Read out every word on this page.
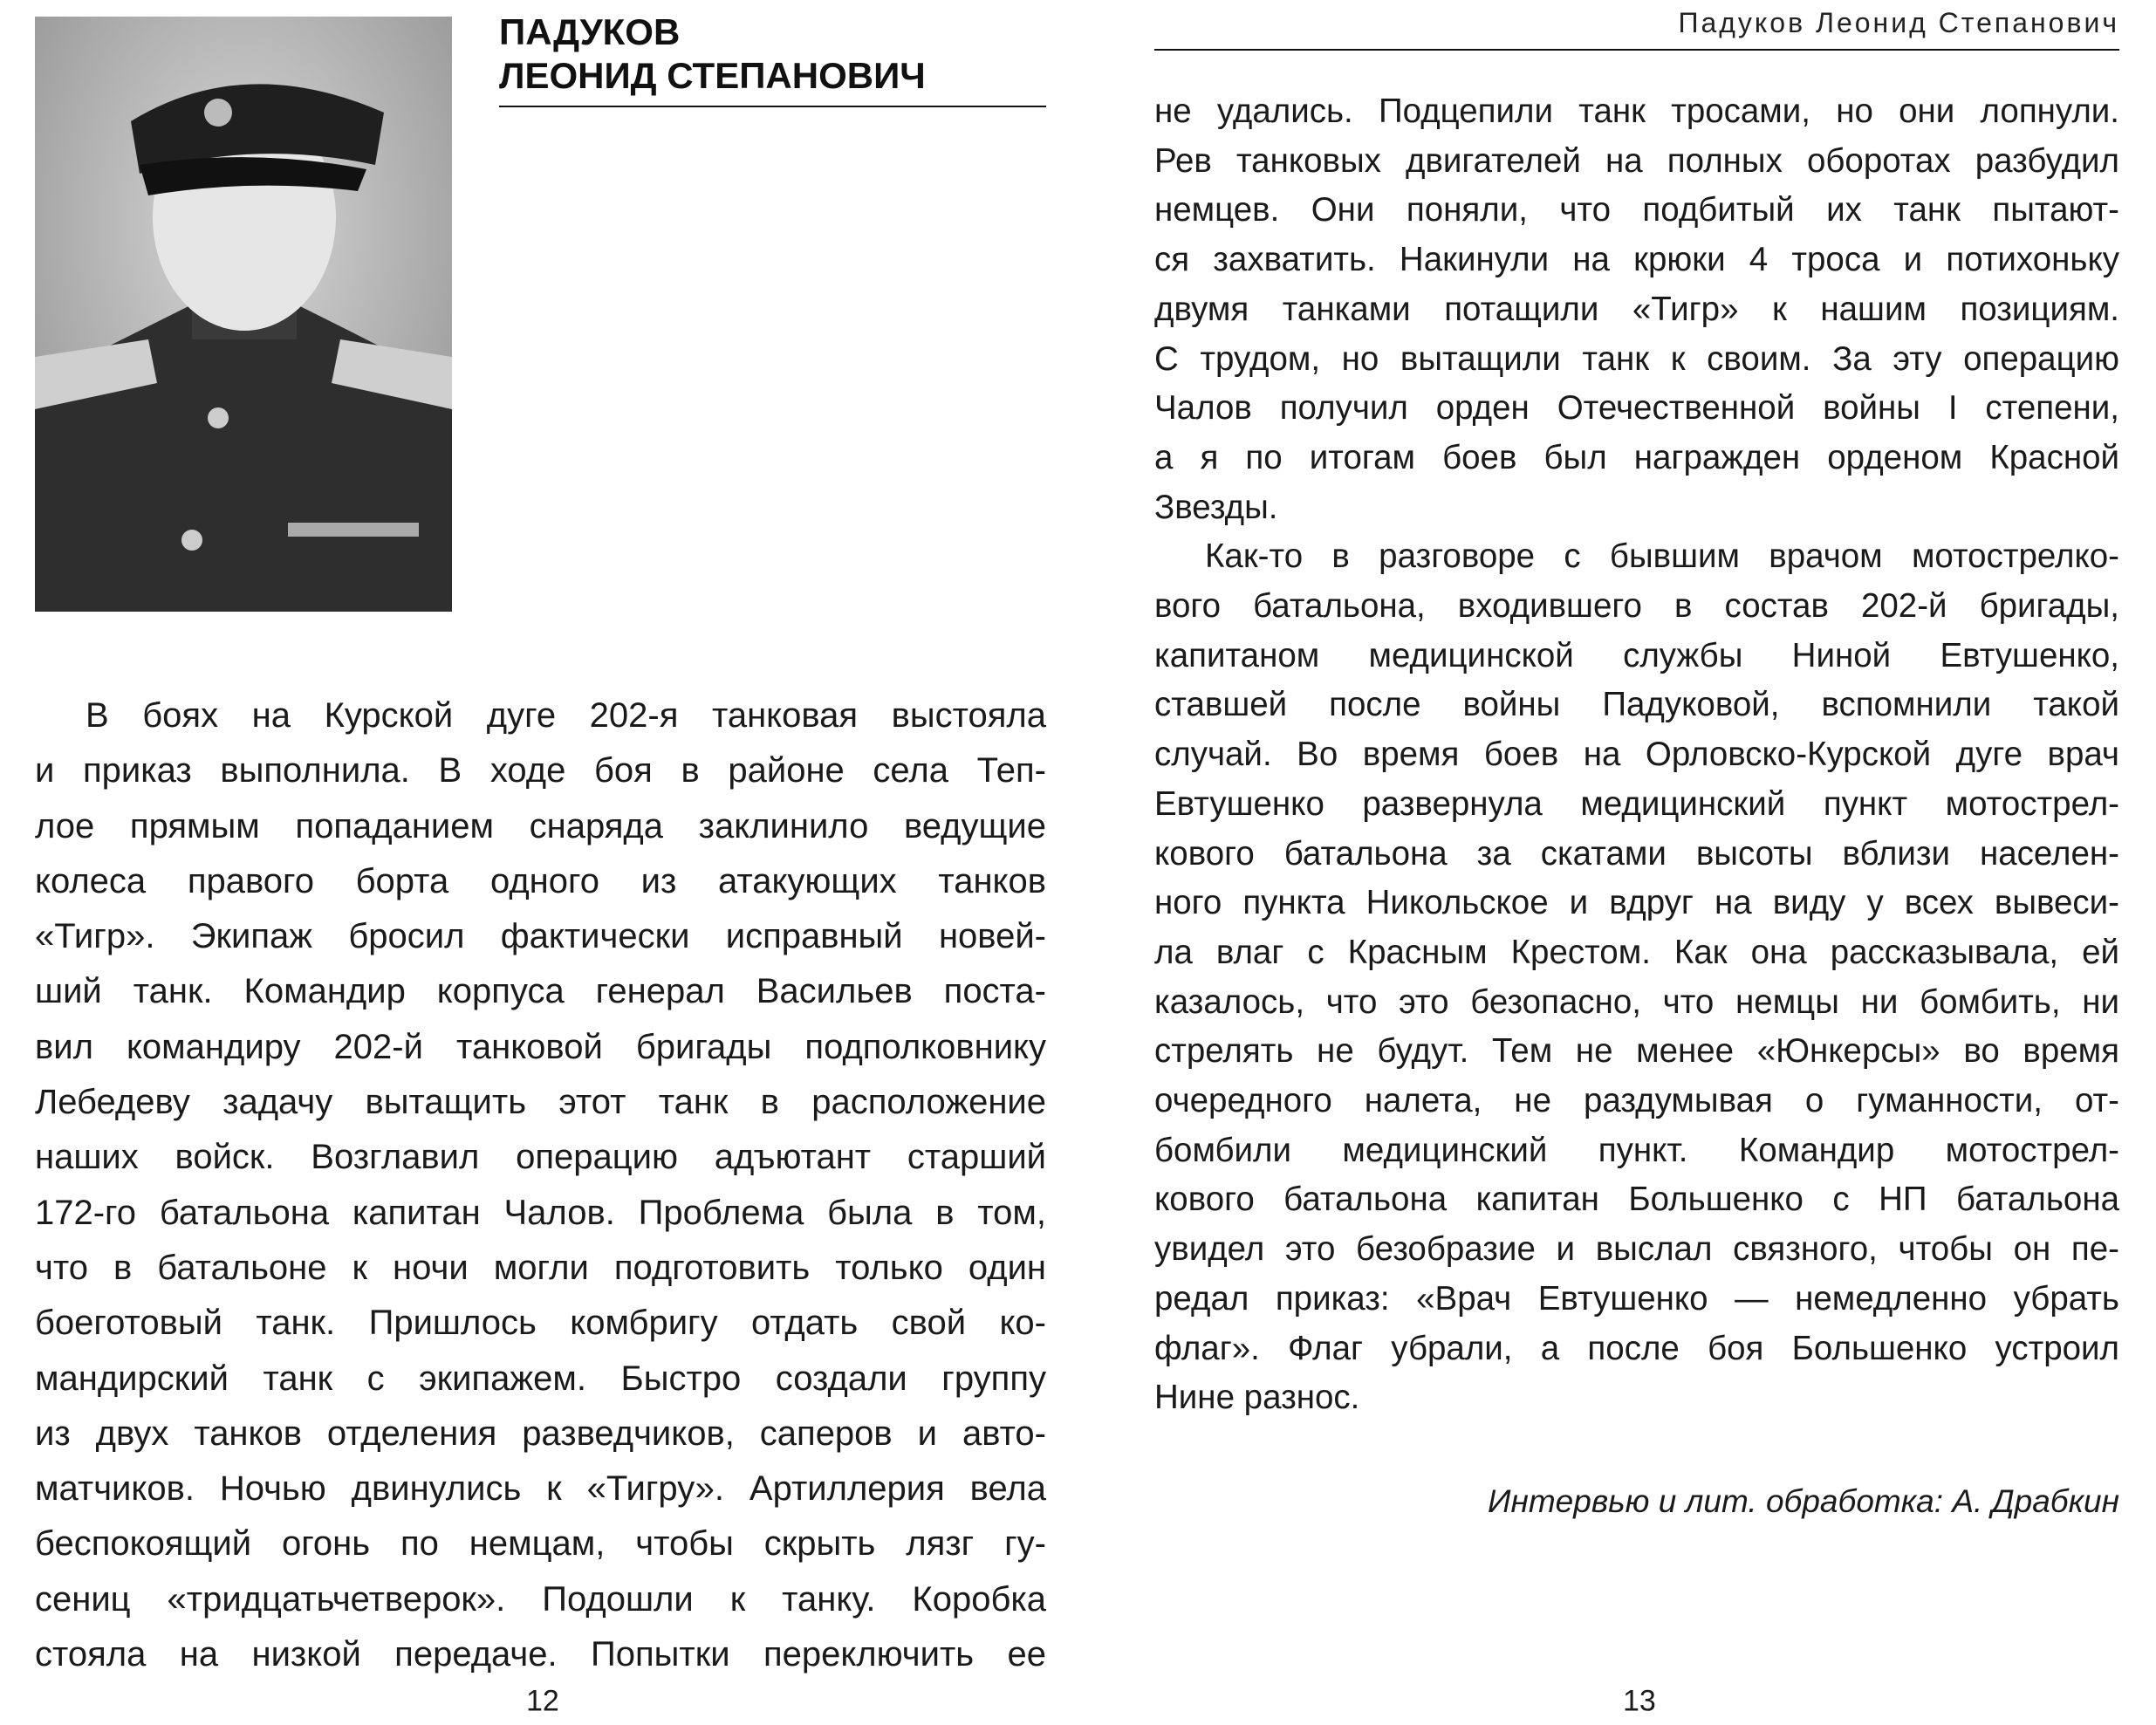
ПАДУКОВ
ЛЕОНИД СТЕПАНОВИЧ
В боях на Курской дуге 202-я танковая выстояла
и приказ выполнила. В ходе боя в районе села Теп-
лое прямым попаданием снаряда заклинило ведущие
колеса правого борта одного из атакующих танков
«Тигр». Экипаж бросил фактически исправный новей-
ший танк. Командир корпуса генерал Васильев поста-
вил командиру 202-й танковой бригады подполковнику
Лебедеву задачу вытащить этот танк в расположение
наших войск. Возглавил операцию адъютант старший
172-го батальона капитан Чалов. Проблема была в том,
что в батальоне к ночи могли подготовить только один
боеготовый танк. Пришлось комбригу отдать свой ко-
мандирский танк с экипажем. Быстро создали группу
из двух танков отделения разведчиков, саперов и авто-
матчиков. Ночью двинулись к «Тигру». Артиллерия вела
беспокоящий огонь по немцам, чтобы скрыть лязг гу-
сениц «тридцатьчетверок». Подошли к танку. Коробка
стояла на низкой передаче. Попытки переключить ее
Падуков Леонид Степанович
не удались. Подцепили танк тросами, но они лопнули.
Рев танковых двигателей на полных оборотах разбудил
немцев. Они поняли, что подбитый их танк пытают-
ся захватить. Накинули на крюки 4 троса и потихоньку
двумя танками потащили «Тигр» к нашим позициям.
С трудом, но вытащили танк к своим. За эту операцию
Чалов получил орден Отечественной войны I степени,
а я по итогам боев был награжден орденом Красной
Звезды.
Как-то в разговоре с бывшим врачом мотострелко-
вого батальона, входившего в состав 202-й бригады,
капитаном медицинской службы Ниной Евтушенко,
ставшей после войны Падуковой, вспомнили такой
случай. Во время боев на Орловско-Курской дуге врач
Евтушенко развернула медицинский пункт мотострел-
кового батальона за скатами высоты вблизи населен-
ного пункта Никольское и вдруг на виду у всех вывеси-
ла влаг с Красным Крестом. Как она рассказывала, ей
казалось, что это безопасно, что немцы ни бомбить, ни
стрелять не будут. Тем не менее «Юнкерсы» во время
очередного налета, не раздумывая о гуманности, от-
бомбили медицинский пункт. Командир мотострел-
кового батальона капитан Большенко с НП батальона
увидел это безобразие и выслал связного, чтобы он пе-
редал приказ: «Врач Евтушенко — немедленно убрать
флаг». Флаг убрали, а после боя Большенко устроил
Нине разнос.
Интервью и лит. обработка: А. Драбкин
12	13
